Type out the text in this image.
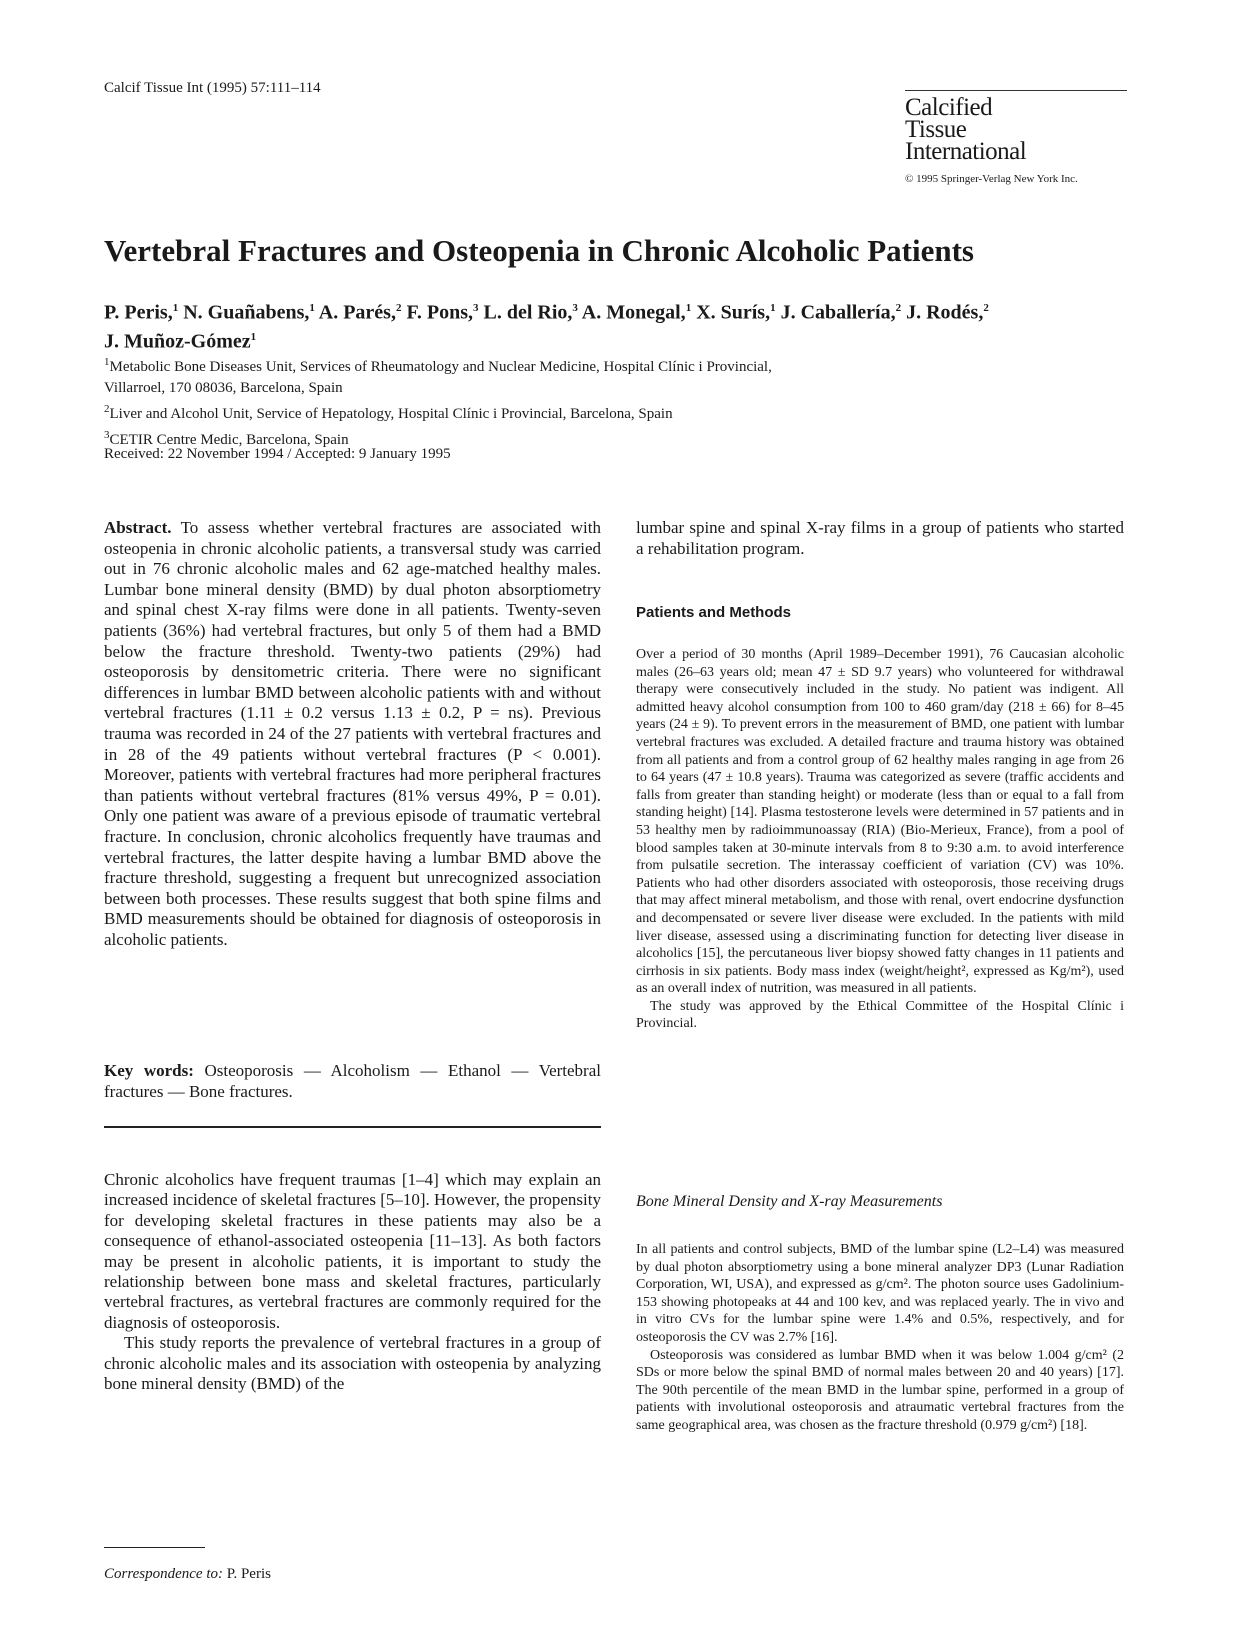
Calcif Tissue Int (1995) 57:111–114
Calcified
Tissue
International
© 1995 Springer-Verlag New York Inc.
Vertebral Fractures and Osteopenia in Chronic Alcoholic Patients
P. Peris,$^1$ N. Guañabens,$^1$ A. Parés,$^2$ F. Pons,$^3$ L. del Rio,$^3$ A. Monegal,$^1$ X. Surís,$^1$ J. Caballería,$^2$ J. Rodés,$^2$
J. Muñoz-Gómez$^1$
$^1$Metabolic Bone Diseases Unit, Services of Rheumatology and Nuclear Medicine, Hospital Clínic i Provincial,
Villarroel, 170 08036, Barcelona, Spain
$^2$Liver and Alcohol Unit, Service of Hepatology, Hospital Clínic i Provincial, Barcelona, Spain
$^3$CETIR Centre Medic, Barcelona, Spain
Received: 22 November 1994 / Accepted: 9 January 1995
Abstract. To assess whether vertebral fractures are associated with osteopenia in chronic alcoholic patients, a transversal study was carried out in 76 chronic alcoholic males and 62 age-matched healthy males. Lumbar bone mineral density (BMD) by dual photon absorptiometry and spinal chest X-ray films were done in all patients. Twenty-seven patients (36%) had vertebral fractures, but only 5 of them had a BMD below the fracture threshold. Twenty-two patients (29%) had osteoporosis by densitometric criteria. There were no significant differences in lumbar BMD between alcoholic patients with and without vertebral fractures (1.11 ± 0.2 versus 1.13 ± 0.2, P = ns). Previous trauma was recorded in 24 of the 27 patients with vertebral fractures and in 28 of the 49 patients without vertebral fractures (P < 0.001). Moreover, patients with vertebral fractures had more peripheral fractures than patients without vertebral fractures (81% versus 49%, P = 0.01). Only one patient was aware of a previous episode of traumatic vertebral fracture. In conclusion, chronic alcoholics frequently have traumas and vertebral fractures, the latter despite having a lumbar BMD above the fracture threshold, suggesting a frequent but unrecognized association between both processes. These results suggest that both spine films and BMD measurements should be obtained for diagnosis of osteoporosis in alcoholic patients.
Key words: Osteoporosis — Alcoholism — Ethanol — Vertebral fractures — Bone fractures.

Chronic alcoholics have frequent traumas [1–4] which may explain an increased incidence of skeletal fractures [5–10]. However, the propensity for developing skeletal fractures in these patients may also be a consequence of ethanol-associated osteopenia [11–13]. As both factors may be present in alcoholic patients, it is important to study the relationship between bone mass and skeletal fractures, particularly vertebral fractures, as vertebral fractures are commonly required for the diagnosis of osteoporosis.

This study reports the prevalence of vertebral fractures in a group of chronic alcoholic males and its association with osteopenia by analyzing bone mineral density (BMD) of the

Correspondence to: P. Peris
lumbar spine and spinal X-ray films in a group of patients who started a rehabilitation program.
Patients and Methods

Over a period of 30 months (April 1989–December 1991), 76 Caucasian alcoholic males (26–63 years old; mean 47 ± SD 9.7 years) who volunteered for withdrawal therapy were consecutively included in the study. No patient was indigent. All admitted heavy alcohol consumption from 100 to 460 gram/day (218 ± 66) for 8–45 years (24 ± 9). To prevent errors in the measurement of BMD, one patient with lumbar vertebral fractures was excluded. A detailed fracture and trauma history was obtained from all patients and from a control group of 62 healthy males ranging in age from 26 to 64 years (47 ± 10.8 years). Trauma was categorized as severe (traffic accidents and falls from greater than standing height) or moderate (less than or equal to a fall from standing height) [14]. Plasma testosterone levels were determined in 57 patients and in 53 healthy men by radioimmunoassay (RIA) (Bio-Merieux, France), from a pool of blood samples taken at 30-minute intervals from 8 to 9:30 a.m. to avoid interference from pulsatile secretion. The interassay coefficient of variation (CV) was 10%. Patients who had other disorders associated with osteoporosis, those receiving drugs that may affect mineral metabolism, and those with renal, overt endocrine dysfunction and decompensated or severe liver disease were excluded. In the patients with mild liver disease, assessed using a discriminating function for detecting liver disease in alcoholics [15], the percutaneous liver biopsy showed fatty changes in 11 patients and cirrhosis in six patients. Body mass index (weight/height², expressed as Kg/m²), used as an overall index of nutrition, was measured in all patients.

The study was approved by the Ethical Committee of the Hospital Clínic i Provincial.

Bone Mineral Density and X-ray Measurements

In all patients and control subjects, BMD of the lumbar spine (L2–L4) was measured by dual photon absorptiometry using a bone mineral analyzer DP3 (Lunar Radiation Corporation, WI, USA), and expressed as g/cm². The photon source uses Gadolinium-153 showing photopeaks at 44 and 100 kev, and was replaced yearly. The in vivo and in vitro CVs for the lumbar spine were 1.4% and 0.5%, respectively, and for osteoporosis the CV was 2.7% [16].

Osteoporosis was considered as lumbar BMD when it was below 1.004 g/cm² (2 SDs or more below the spinal BMD of normal males between 20 and 40 years) [17]. The 90th percentile of the mean BMD in the lumbar spine, performed in a group of patients with involutional osteoporosis and atraumatic vertebral fractures from the same geographical area, was chosen as the fracture threshold (0.979 g/cm²) [18].
